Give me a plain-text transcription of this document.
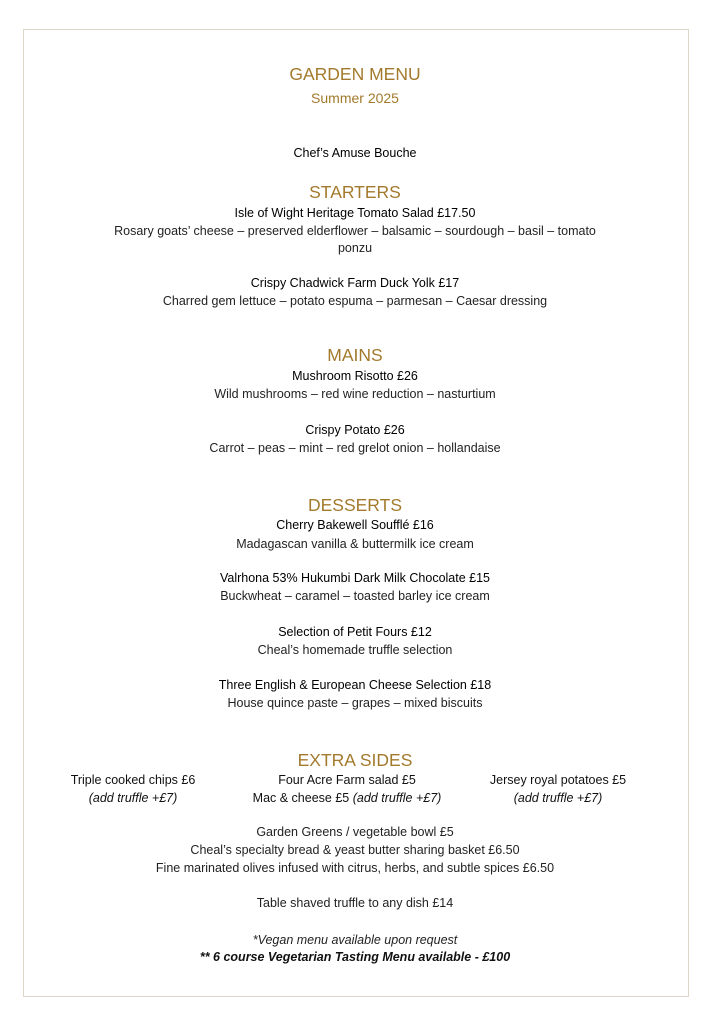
GARDEN MENU
Summer 2025
Chef’s Amuse Bouche
STARTERS
Isle of Wight Heritage Tomato Salad £17.50
Rosary goats’ cheese – preserved elderflower – balsamic – sourdough – basil – tomato
ponzu
Crispy Chadwick Farm Duck Yolk £17
Charred gem lettuce – potato espuma – parmesan – Caesar dressing
MAINS
Mushroom Risotto £26
Wild mushrooms – red wine reduction – nasturtium
Crispy Potato £26
Carrot – peas – mint – red grelot onion – hollandaise
DESSERTS
Cherry Bakewell Soufflé £16
Madagascan vanilla & buttermilk ice cream
Valrhona 53% Hukumbi Dark Milk Chocolate £15
Buckwheat – caramel – toasted barley ice cream
Selection of Petit Fours £12
Cheal’s homemade truffle selection
Three English & European Cheese Selection £18
House quince paste – grapes – mixed biscuits
EXTRA SIDES
Triple cooked chips £6
(add truffle +£7)
Four Acre Farm salad £5
Mac & cheese £5 (add truffle +£7)
Jersey royal potatoes £5
(add truffle +£7)
Garden Greens / vegetable bowl £5
Cheal’s specialty bread & yeast butter sharing basket £6.50
Fine marinated olives infused with citrus, herbs, and subtle spices £6.50
Table shaved truffle to any dish £14
*Vegan menu available upon request
** 6 course Vegetarian Tasting Menu available - £100
